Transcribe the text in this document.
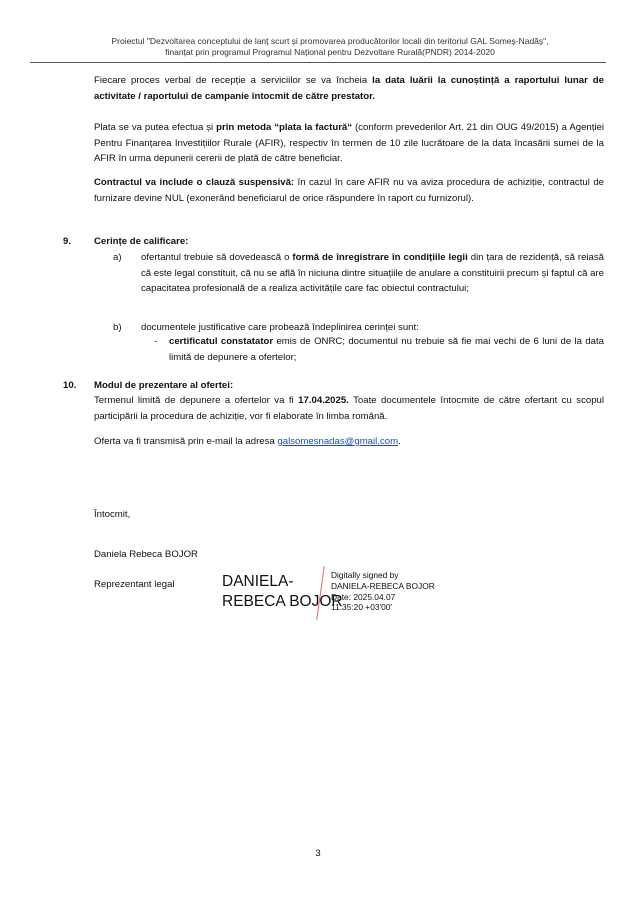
Proiectul "Dezvoltarea conceptului de lanț scurt și promovarea producătorilor locali din teritoriul GAL Someș-Nadăș",
finanțat prin programul Programul Național pentru Dezvoltare Rurală(PNDR) 2014-2020
Fiecare proces verbal de recepție a serviciilor se va încheia la data luării la cunoștință a raportului lunar de activitate / raportului de campanie întocmit de către prestator.
Plata se va putea efectua și prin metoda “plata la factură“ (conform prevederilor Art. 21 din OUG 49/2015) a Agenției Pentru Finanțarea Investițiilor Rurale (AFIR), respectiv în termen de 10 zile lucrătoare de la data încasării sumei de la AFIR în urma depunerii cererii de plată de către beneficiar.
Contractul va include o clauză suspensivă: în cazul în care AFIR nu va aviza procedura de achiziție, contractul de furnizare devine NUL (exonerând beneficiarul de orice răspundere în raport cu furnizorul).
9. Cerințe de calificare:
a) ofertantul trebuie să dovedească o formă de înregistrare în condițiile legii din țara de rezidență, să reiasă că este legal constituit, că nu se află în niciuna dintre situațiile de anulare a constituirii precum și faptul că are capacitatea profesională de a realiza activitățile care fac obiectul contractului;
b) documentele justificative care probează îndeplinirea cerinței sunt:
- certificatul constatator emis de ONRC; documentul nu trebuie să fie mai vechi de 6 luni de la data limită de depunere a ofertelor;
10. Modul de prezentare al ofertei:
Termenul limită de depunere a ofertelor va fi 17.04.2025. Toate documentele întocmite de către ofertant cu scopul participării la procedura de achiziție, vor fi elaborate în limba română.
Oferta va fi transmisă prin e-mail la adresa galsomesnadas@gmail.com.
Întocmit,
Daniela Rebeca BOJOR
Reprezentant legal	DANIELA-
REBECA BOJOR
Digitally signed by
DANIELA-REBECA BOJOR
Date: 2025.04.07
11:35:20 +03'00'
3
